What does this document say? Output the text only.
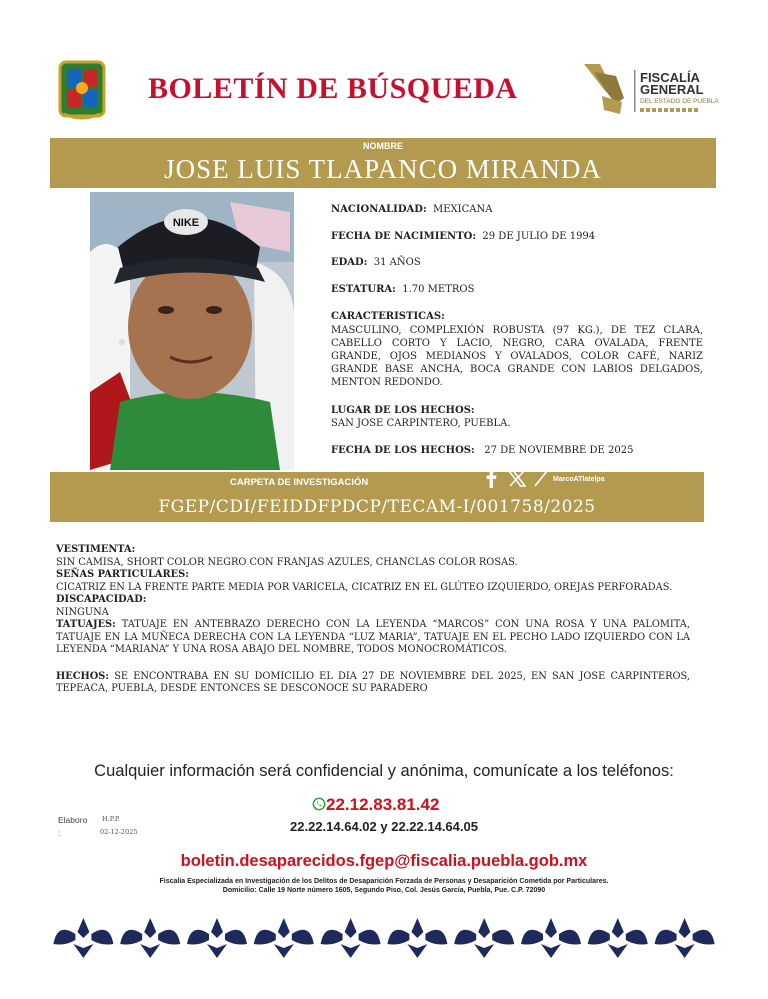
BOLETÍN DE BÚSQUEDA	FISCALÍA
GENERAL
DEL ESTADO DE PUEBLA
NOMBRE
JOSE LUIS TLAPANCO MIRANDA
NIKE
NACIONALIDAD: MEXICANA
FECHA DE NACIMIENTO: 29 DE JULIO DE 1994
EDAD: 31 AÑOS
ESTATURA: 1.70 METROS
CARACTERISTICAS:
MASCULINO, COMPLEXIÓN ROBUSTA (97 KG.), DE TEZ CLARA, CABELLO CORTO Y LACIO, NEGRO, CARA OVALADA, FRENTE GRANDE, OJOS MEDIANOS Y OVALADOS, COLOR CAFÉ, NARIZ GRANDE BASE ANCHA, BOCA GRANDE CON LABIOS DELGADOS, MENTON REDONDO.
LUGAR DE LOS HECHOS:
SAN JOSE CARPINTERO, PUEBLA.
FECHA DE LOS HECHOS: 27 DE NOVIEMBRE DE 2025
CARPETA DE INVESTIGACIÓN
FGEP/CDI/FEIDDFPDCP/TECAM-I/001758/2025
MarcoATlatelpa
VESTIMENTA:
SIN CAMISA, SHORT COLOR NEGRO CON FRANJAS AZULES, CHANCLAS COLOR ROSAS.
SEÑAS PARTICULARES:
CICATRIZ EN LA FRENTE PARTE MEDIA POR VARICELA, CICATRIZ EN EL GLÚTEO IZQUIERDO, OREJAS PERFORADAS.
DISCAPACIDAD:
NINGUNA
TATUAJES: TATUAJE EN ANTEBRAZO DERECHO CON LA LEYENDA “MARCOS” CON UNA ROSA Y UNA PALOMITA, TATUAJE EN LA MUÑECA DERECHA CON LA LEYENDA “LUZ MARIA”, TATUAJE EN EL PECHO LADO IZQUIERDO CON LA LEYENDA “MARIANA” Y UNA ROSA ABAJO DEL NOMBRE, TODOS MONOCROMÁTICOS.
HECHOS: SE ENCONTRABA EN SU DOMICILIO EL DIA 27 DE NOVIEMBRE DEL 2025, EN SAN JOSE CARPINTEROS, TEPEACA, PUEBLA, DESDE ENTONCES SE DESCONOCE SU PARADERO
Cualquier información será confidencial y anónima, comunícate a los teléfonos:
22.12.83.81.42
22.22.14.64.02 y 22.22.14.64.05
Elaboro
:
H.P.P.
02-12-2025
boletin.desaparecidos.fgep@fiscalia.puebla.gob.mx
Fiscalía Especializada en Investigación de los Delitos de Desaparición Forzada de Personas y Desaparición Cometida por Particulares.
Domicilio: Calle 19 Norte número 1605, Segundo Piso, Col. Jesús García, Puebla, Pue. C.P. 72090
